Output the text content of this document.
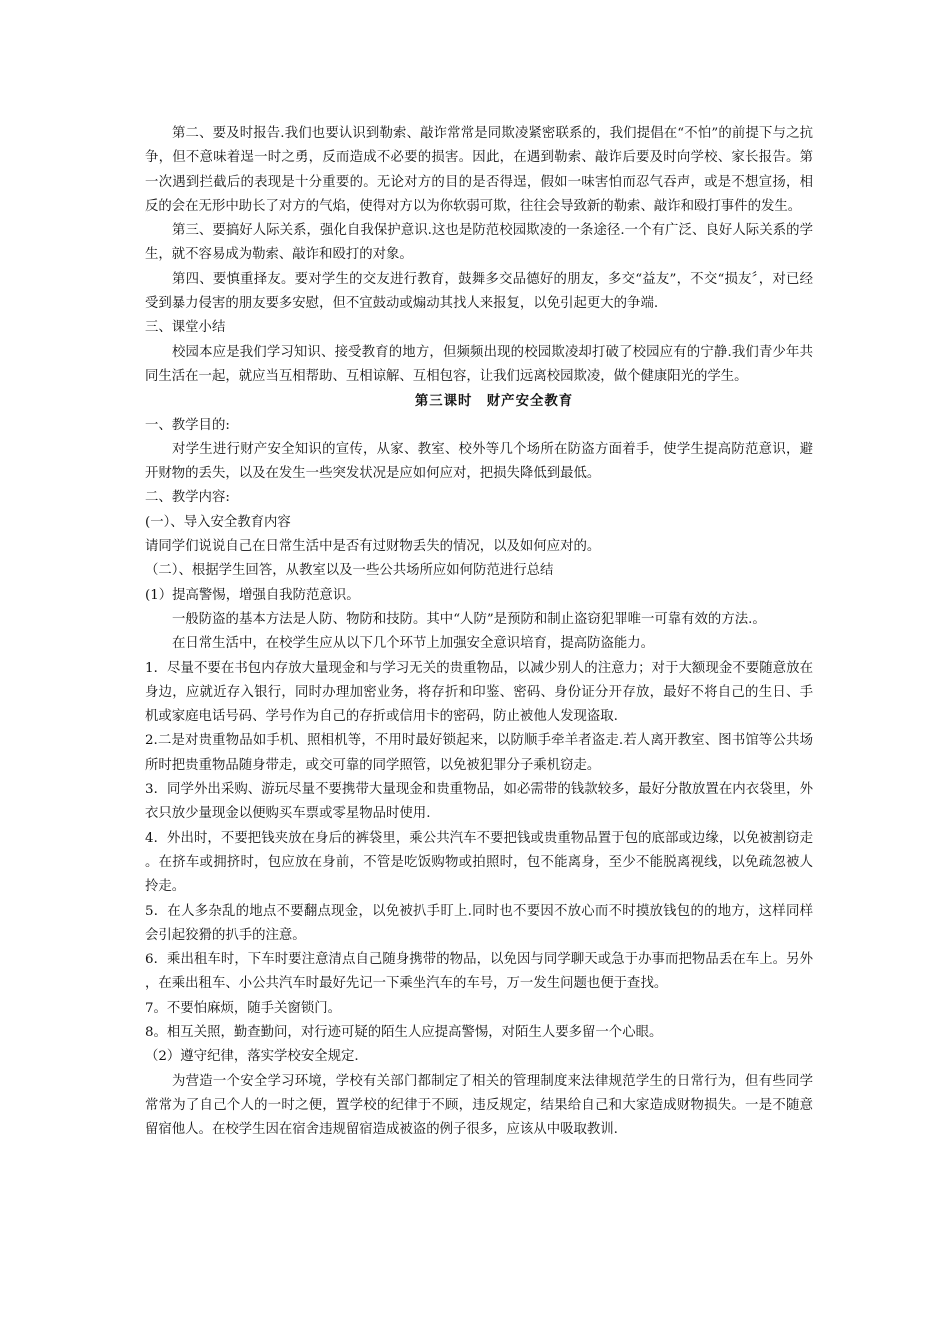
第二、要及时报告.我们也要认识到勒索、敲诈常常是同欺凌紧密联系的，我们提倡在“不怕”的前提下与之抗争，但不意味着逞一时之勇，反而造成不必要的损害。因此，在遇到勒索、敲诈后要及时向学校、家长报告。第一次遇到拦截后的表现是十分重要的。无论对方的目的是否得逞，假如一味害怕而忍气吞声，或是不想宣扬，相反的会在无形中助长了对方的气焰，使得对方以为你软弱可欺，往往会导致新的勒索、敲诈和殴打事件的发生。

第三、要搞好人际关系，强化自我保护意识.这也是防范校园欺凌的一条途径.一个有广泛、良好人际关系的学生，就不容易成为勒索、敲诈和殴打的对象。

第四、要慎重择友。要对学生的交友进行教育，鼓舞多交品德好的朋友，多交“益友”，不交“损友〞，对已经受到暴力侵害的朋友要多安慰，但不宜鼓动或煽动其找人来报复，以免引起更大的争端.

三、课堂小结

校园本应是我们学习知识、接受教育的地方，但频频出现的校园欺凌却打破了校园应有的宁静.我们青少年共同生活在一起，就应当互相帮助、互相谅解、互相包容，让我们远离校园欺凌，做个健康阳光的学生。

第三课时　财产安全教育

一、教学目的:

对学生进行财产安全知识的宣传，从家、教室、校外等几个场所在防盗方面着手，使学生提高防范意识，避开财物的丢失，以及在发生一些突发状况是应如何应对，把损失降低到最低。

二、教学内容:

(一）、导入安全教育内容

请同学们说说自己在日常生活中是否有过财物丢失的情况，以及如何应对的。

（二）、根据学生回答，从教室以及一些公共场所应如何防范进行总结

(1）提高警惕，增强自我防范意识。

一般防盗的基本方法是人防、物防和技防。其中“人防”是预防和制止盗窃犯罪唯一可靠有效的方法.。

在日常生活中，在校学生应从以下几个环节上加强安全意识培育，提高防盗能力。

1．尽量不要在书包内存放大量现金和与学习无关的贵重物品，以减少别人的注意力；对于大额现金不要随意放在身边，应就近存入银行，同时办理加密业务，将存折和印鉴、密码、身份证分开存放，最好不将自己的生日、手机或家庭电话号码、学号作为自己的存折或信用卡的密码，防止被他人发现盗取.

2.二是对贵重物品如手机、照相机等，不用时最好锁起来，以防顺手牵羊者盗走.若人离开教室、图书馆等公共场所时把贵重物品随身带走，或交可靠的同学照管，以免被犯罪分子乘机窃走。

3．同学外出采购、游玩尽量不要携带大量现金和贵重物品，如必需带的钱款较多，最好分散放置在内衣袋里，外衣只放少量现金以便购买车票或零星物品时使用.

4．外出时，不要把钱夹放在身后的裤袋里，乘公共汽车不要把钱或贵重物品置于包的底部或边缘，以免被割窃走。在挤车或拥挤时，包应放在身前，不管是吃饭购物或拍照时，包不能离身，至少不能脱离视线，以免疏忽被人拎走。

5．在人多杂乱的地点不要翻点现金，以免被扒手盯上.同时也不要因不放心而不时摸放钱包的的地方，这样同样会引起狡猾的扒手的注意。

6．乘出租车时，下车时要注意清点自己随身携带的物品，以免因与同学聊天或急于办事而把物品丢在车上。另外，在乘出租车、小公共汽车时最好先记一下乘坐汽车的车号，万一发生问题也便于查找。

7。不要怕麻烦，随手关窗锁门。

8。相互关照，勤查勤问，对行迹可疑的陌生人应提高警惕，对陌生人要多留一个心眼。

（2）遵守纪律，落实学校安全规定.

为营造一个安全学习环境，学校有关部门都制定了相关的管理制度来法律规范学生的日常行为，但有些同学常常为了自己个人的一时之便，置学校的纪律于不顾，违反规定，结果给自己和大家造成财物损失。一是不随意留宿他人。在校学生因在宿舍违规留宿造成被盗的例子很多，应该从中吸取教训.
